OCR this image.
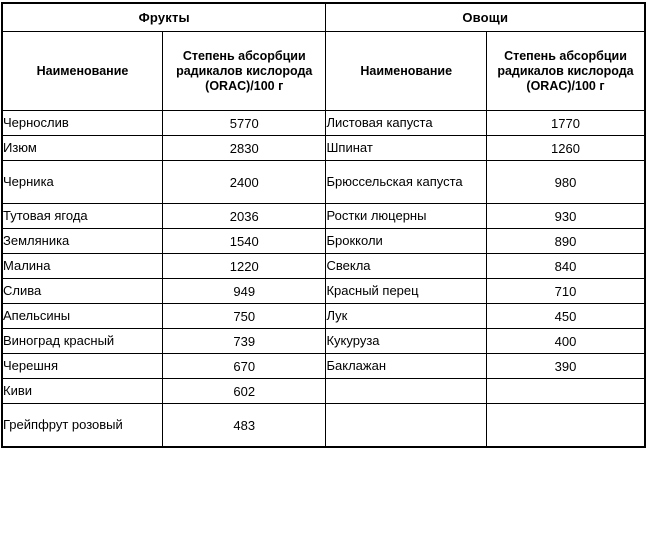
Фрукты		Овощи	
Наименование	Степень абсорбции радикалов кислорода (ORAC)/100 г	Наименование	Степень абсорбции радикалов кислорода (ORAC)/100 г
Чернослив	5770	Листовая капуста	1770
Изюм	2830	Шпинат	1260
Черника	2400	Брюссельская капуста	980
Тутовая ягода	2036	Ростки люцерны	930
Земляника	1540	Брокколи	890
Малина	1220	Свекла	840
Слива	949	Красный перец	710
Апельсины	750	Лук	450
Виноград красный	739	Кукуруза	400
Черешня	670	Баклажан	390
Киви	602		
Грейпфрут розовый	483		
